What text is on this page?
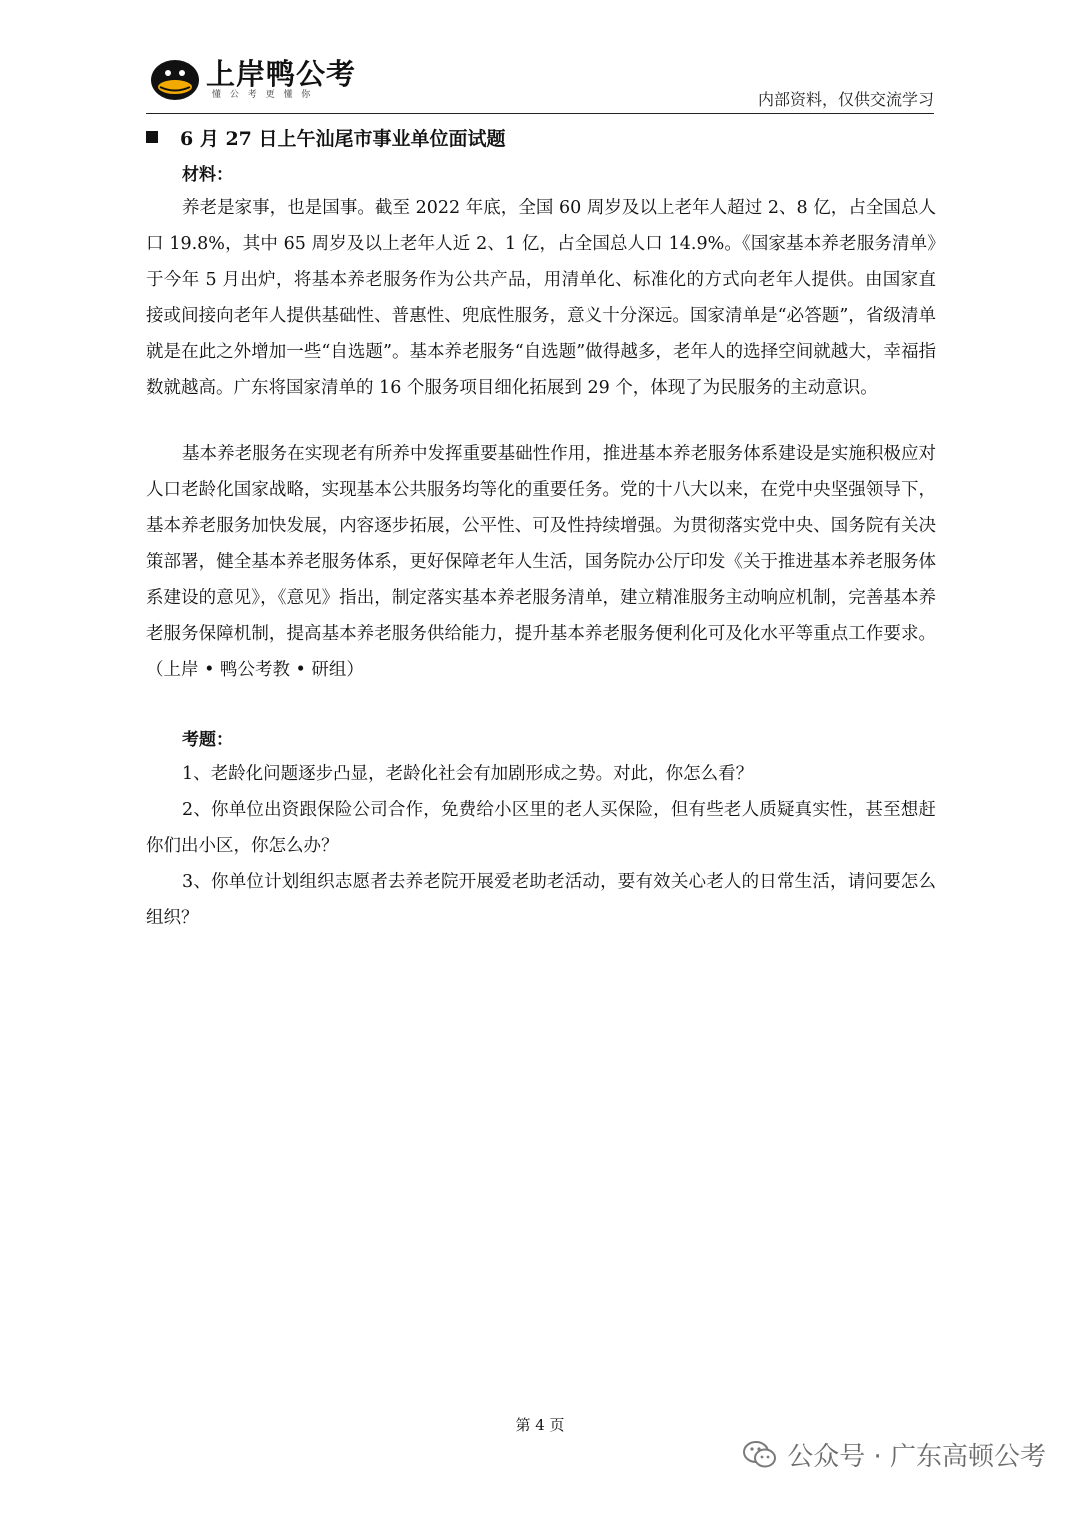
上岸鸭公考
懂 公 考 更 懂 你	内部资料，仅供交流学习
6 月 27 日上午汕尾市事业单位面试题
材料：

养老是家事，也是国事。截至 2022 年底，全国 60 周岁及以上老年人超过 2、8 亿，占全国总人口 19.8%，其中 65 周岁及以上老年人近 2、1 亿，占全国总人口 14.9%。《国家基本养老服务清单》于今年 5 月出炉，将基本养老服务作为公共产品，用清单化、标准化的方式向老年人提供。由国家直接或间接向老年人提供基础性、普惠性、兜底性服务，意义十分深远。国家清单是“必答题”，省级清单就是在此之外增加一些“自选题”。基本养老服务“自选题”做得越多，老年人的选择空间就越大，幸福指数就越高。广东将国家清单的 16 个服务项目细化拓展到 29 个，体现了为民服务的主动意识。

基本养老服务在实现老有所养中发挥重要基础性作用，推进基本养老服务体系建设是实施积极应对人口老龄化国家战略，实现基本公共服务均等化的重要任务。党的十八大以来，在党中央坚强领导下，基本养老服务加快发展，内容逐步拓展，公平性、可及性持续增强。为贯彻落实党中央、国务院有关决策部署，健全基本养老服务体系，更好保障老年人生活，国务院办公厅印发《关于推进基本养老服务体系建设的意见》，《意见》指出，制定落实基本养老服务清单，建立精准服务主动响应机制，完善基本养老服务保障机制，提高基本养老服务供给能力，提升基本养老服务便利化可及化水平等重点工作要求。（上岸 • 鸭公考教 • 研组）

考题：

1、老龄化问题逐步凸显，老龄化社会有加剧形成之势。对此，你怎么看？

2、你单位出资跟保险公司合作，免费给小区里的老人买保险，但有些老人质疑真实性，甚至想赶你们出小区，你怎么办？

3、你单位计划组织志愿者去养老院开展爱老助老活动，要有效关心老人的日常生活，请问要怎么组织？

第 4 页
公众号 · 广东高顿公考
